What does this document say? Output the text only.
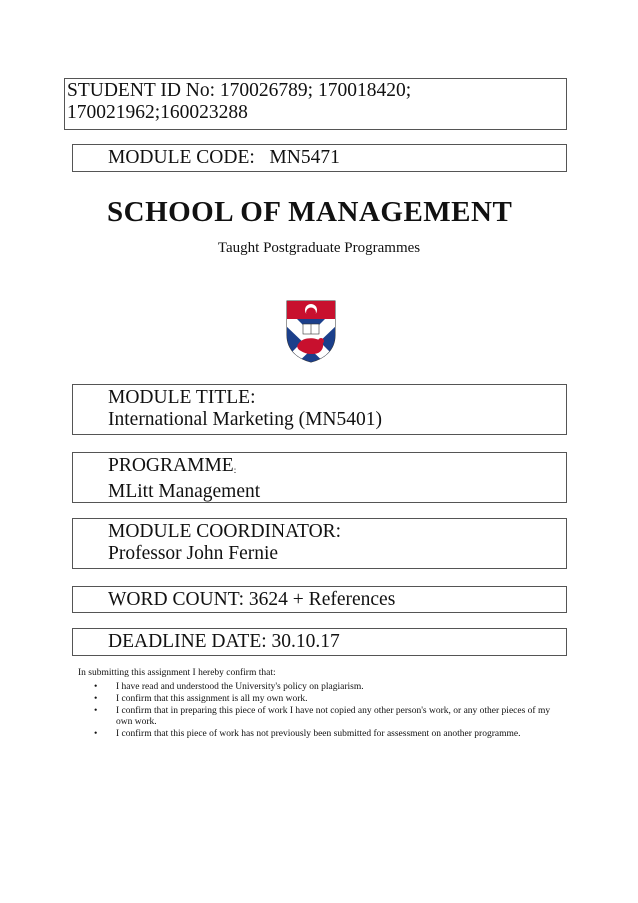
STUDENT ID No: 170026789; 170018420;
170021962;160023288
MODULE CODE:   MN5471
SCHOOL OF MANAGEMENT
Taught Postgraduate Programmes
MODULE TITLE:
International Marketing (MN5401)
PROGRAMME:
MLitt Management
MODULE COORDINATOR:
Professor John Fernie
WORD COUNT: 3624 + References
DEADLINE DATE: 30.10.17
In submitting this assignment I hereby confirm that:
• I have read and understood the University's policy on plagiarism.
• I confirm that this assignment is all my own work.
• I confirm that in preparing this piece of work I have not copied any other person's work, or any other pieces of my own work.
• I confirm that this piece of work has not previously been submitted for assessment on another programme.
